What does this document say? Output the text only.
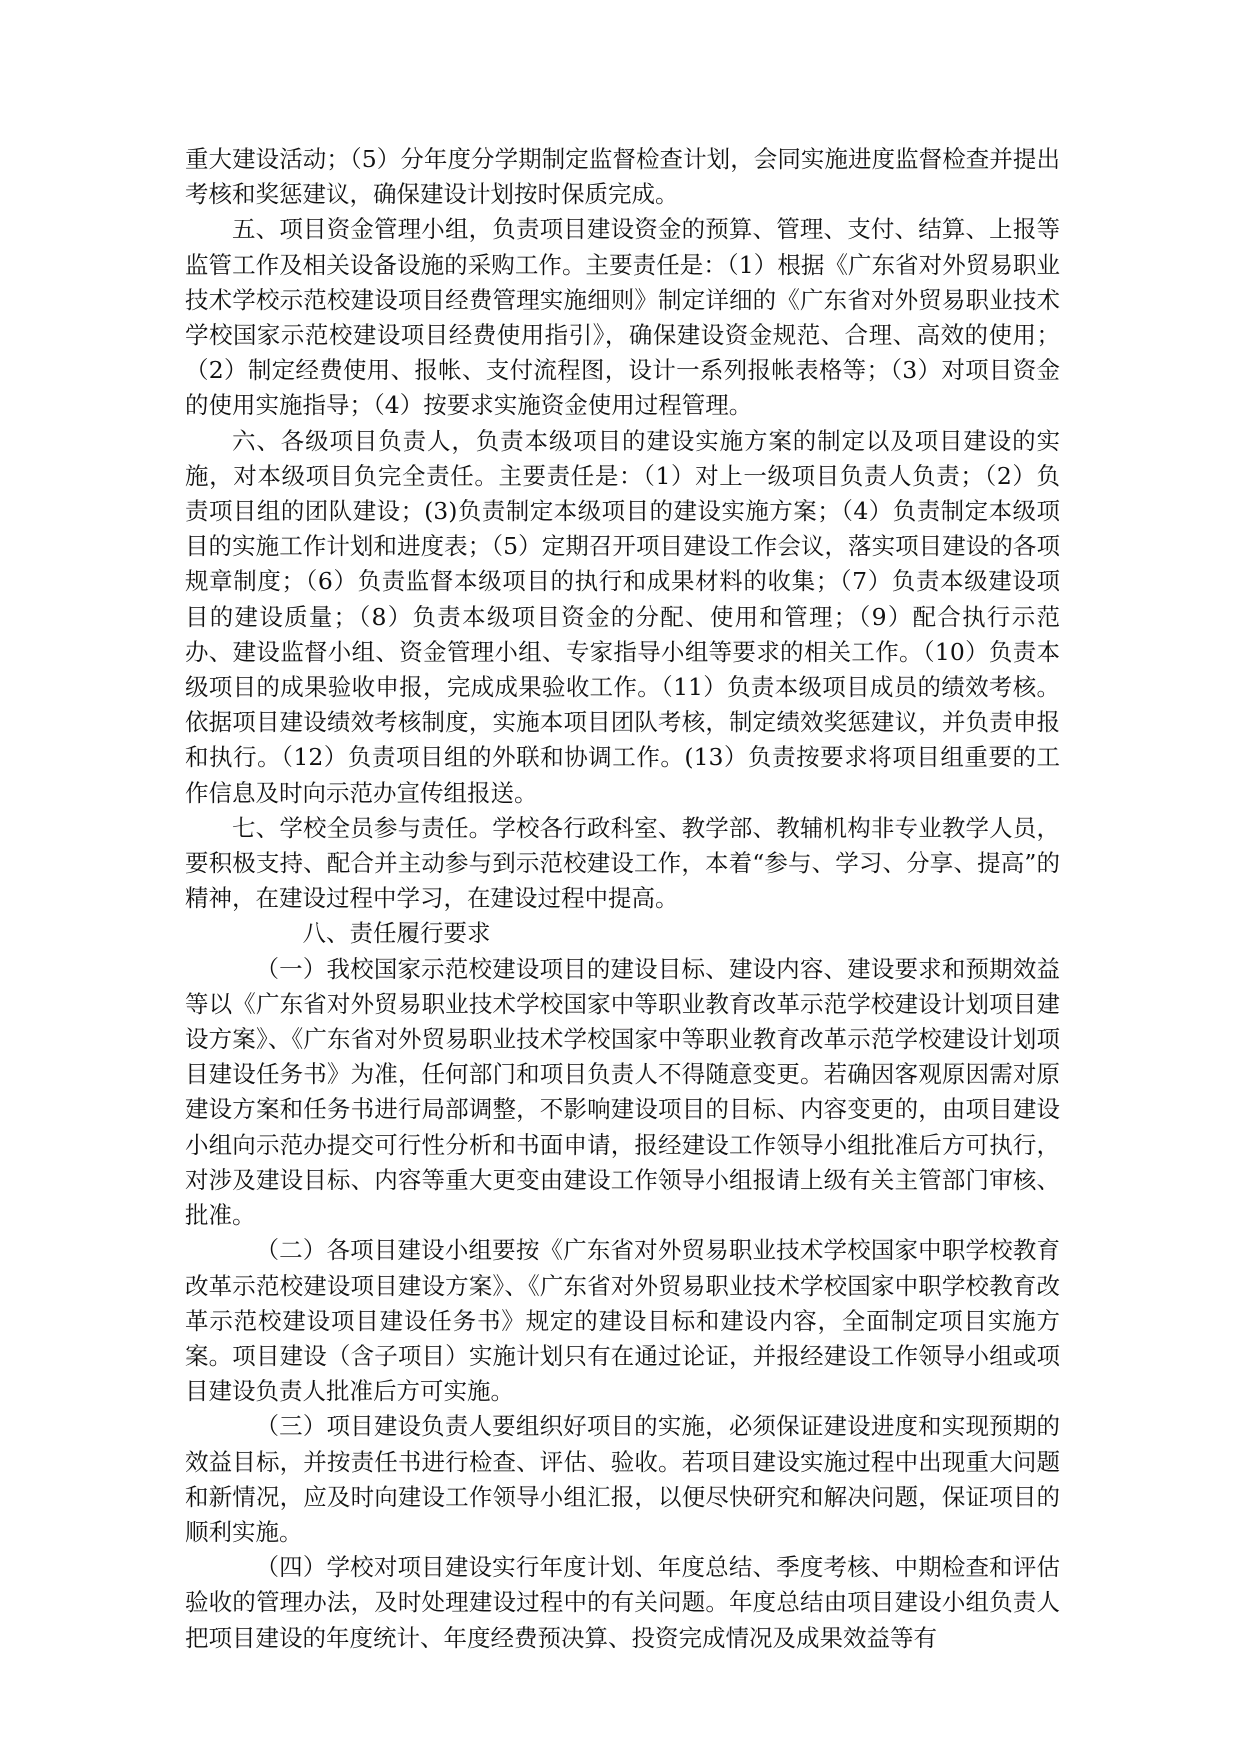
重大建设活动；（5）分年度分学期制定监督检查计划，会同实施进度监督检查并提出考核和奖惩建议，确保建设计划按时保质完成。

五、项目资金管理小组，负责项目建设资金的预算、管理、支付、结算、上报等监管工作及相关设备设施的采购工作。主要责任是：（1）根据《广东省对外贸易职业技术学校示范校建设项目经费管理实施细则》制定详细的《广东省对外贸易职业技术学校国家示范校建设项目经费使用指引》，确保建设资金规范、合理、高效的使用；（2）制定经费使用、报帐、支付流程图，设计一系列报帐表格等；（3）对项目资金的使用实施指导；（4）按要求实施资金使用过程管理。

六、各级项目负责人，负责本级项目的建设实施方案的制定以及项目建设的实施，对本级项目负完全责任。主要责任是：（1）对上一级项目负责人负责；（2）负责项目组的团队建设；(3)负责制定本级项目的建设实施方案；（4）负责制定本级项目的实施工作计划和进度表；（5）定期召开项目建设工作会议，落实项目建设的各项规章制度；（6）负责监督本级项目的执行和成果材料的收集；（7）负责本级建设项目的建设质量；（8）负责本级项目资金的分配、使用和管理；（9）配合执行示范办、建设监督小组、资金管理小组、专家指导小组等要求的相关工作。（10）负责本级项目的成果验收申报，完成成果验收工作。（11）负责本级项目成员的绩效考核。依据项目建设绩效考核制度，实施本项目团队考核，制定绩效奖惩建议，并负责申报和执行。（12）负责项目组的外联和协调工作。(13）负责按要求将项目组重要的工作信息及时向示范办宣传组报送。

七、学校全员参与责任。学校各行政科室、教学部、教辅机构非专业教学人员，要积极支持、配合并主动参与到示范校建设工作，本着“参与、学习、分享、提高”的精神，在建设过程中学习，在建设过程中提高。

八、责任履行要求

（一）我校国家示范校建设项目的建设目标、建设内容、建设要求和预期效益等以《广东省对外贸易职业技术学校国家中等职业教育改革示范学校建设计划项目建设方案》、《广东省对外贸易职业技术学校国家中等职业教育改革示范学校建设计划项目建设任务书》为准，任何部门和项目负责人不得随意变更。若确因客观原因需对原建设方案和任务书进行局部调整，不影响建设项目的目标、内容变更的，由项目建设小组向示范办提交可行性分析和书面申请，报经建设工作领导小组批准后方可执行，对涉及建设目标、内容等重大更变由建设工作领导小组报请上级有关主管部门审核、批准。

（二）各项目建设小组要按《广东省对外贸易职业技术学校国家中职学校教育改革示范校建设项目建设方案》、《广东省对外贸易职业技术学校国家中职学校教育改革示范校建设项目建设任务书》规定的建设目标和建设内容，全面制定项目实施方案。项目建设（含子项目）实施计划只有在通过论证，并报经建设工作领导小组或项目建设负责人批准后方可实施。

（三）项目建设负责人要组织好项目的实施，必须保证建设进度和实现预期的效益目标，并按责任书进行检查、评估、验收。若项目建设实施过程中出现重大问题和新情况，应及时向建设工作领导小组汇报，以便尽快研究和解决问题，保证项目的顺利实施。

（四）学校对项目建设实行年度计划、年度总结、季度考核、中期检查和评估验收的管理办法，及时处理建设过程中的有关问题。年度总结由项目建设小组负责人把项目建设的年度统计、年度经费预决算、投资完成情况及成果效益等有
